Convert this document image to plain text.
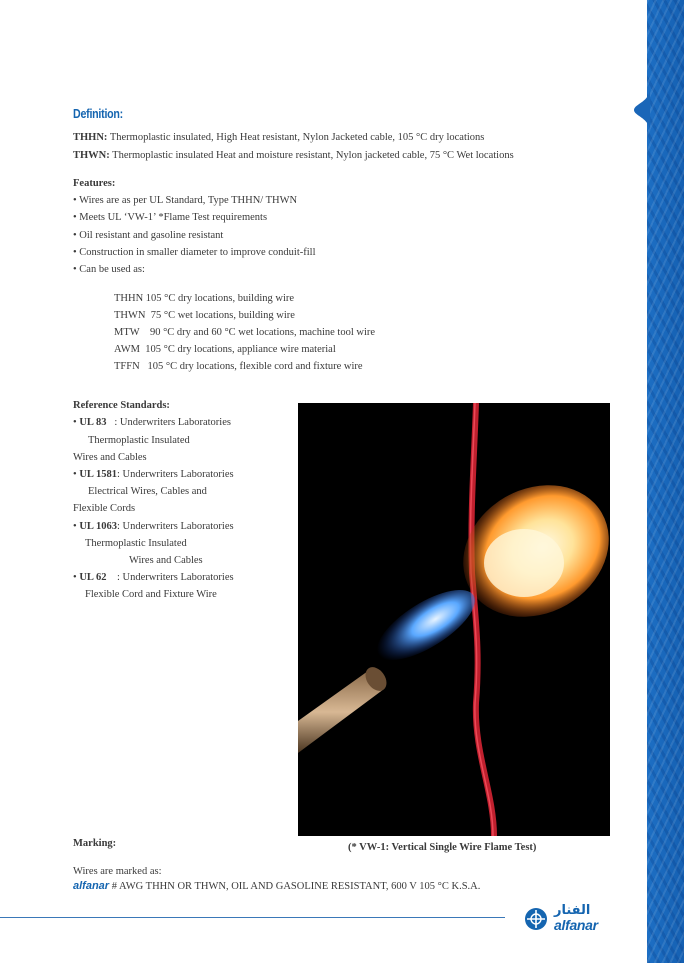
Definition:
THHN: Thermoplastic insulated, High Heat resistant, Nylon Jacketed cable, 105 °C dry locations
THWN: Thermoplastic insulated Heat and moisture resistant, Nylon jacketed cable, 75 °C Wet locations
Features:
• Wires are as per UL Standard, Type THHN/ THWN
• Meets UL ‘VW-1’ *Flame Test requirements
• Oil resistant and gasoline resistant
• Construction in smaller diameter to improve conduit-fill
• Can be used as:
THHN 105 °C dry locations, building wire
THWN  75 °C wet locations, building wire
MTW    90 °C dry and 60 °C wet locations, machine tool wire
AWM  105 °C dry locations, appliance wire material
TFFN   105 °C dry locations, flexible cord and fixture wire
Reference Standards:
• UL 83   : Underwriters Laboratories
Thermoplastic Insulated
Wires and Cables
• UL 1581: Underwriters Laboratories
Electrical Wires, Cables and
Flexible Cords
• UL 1063: Underwriters Laboratories
Thermoplastic Insulated
Wires and Cables
• UL 62    : Underwriters Laboratories
Flexible Cord and Fixture Wire
(* VW-1: Vertical Single Wire Flame Test)
Marking:
Wires are marked as:
alfanar # AWG THHN OR THWN, OIL AND GASOLINE RESISTANT, 600 V 105 °C K.S.A.
الفنار
alfanar
